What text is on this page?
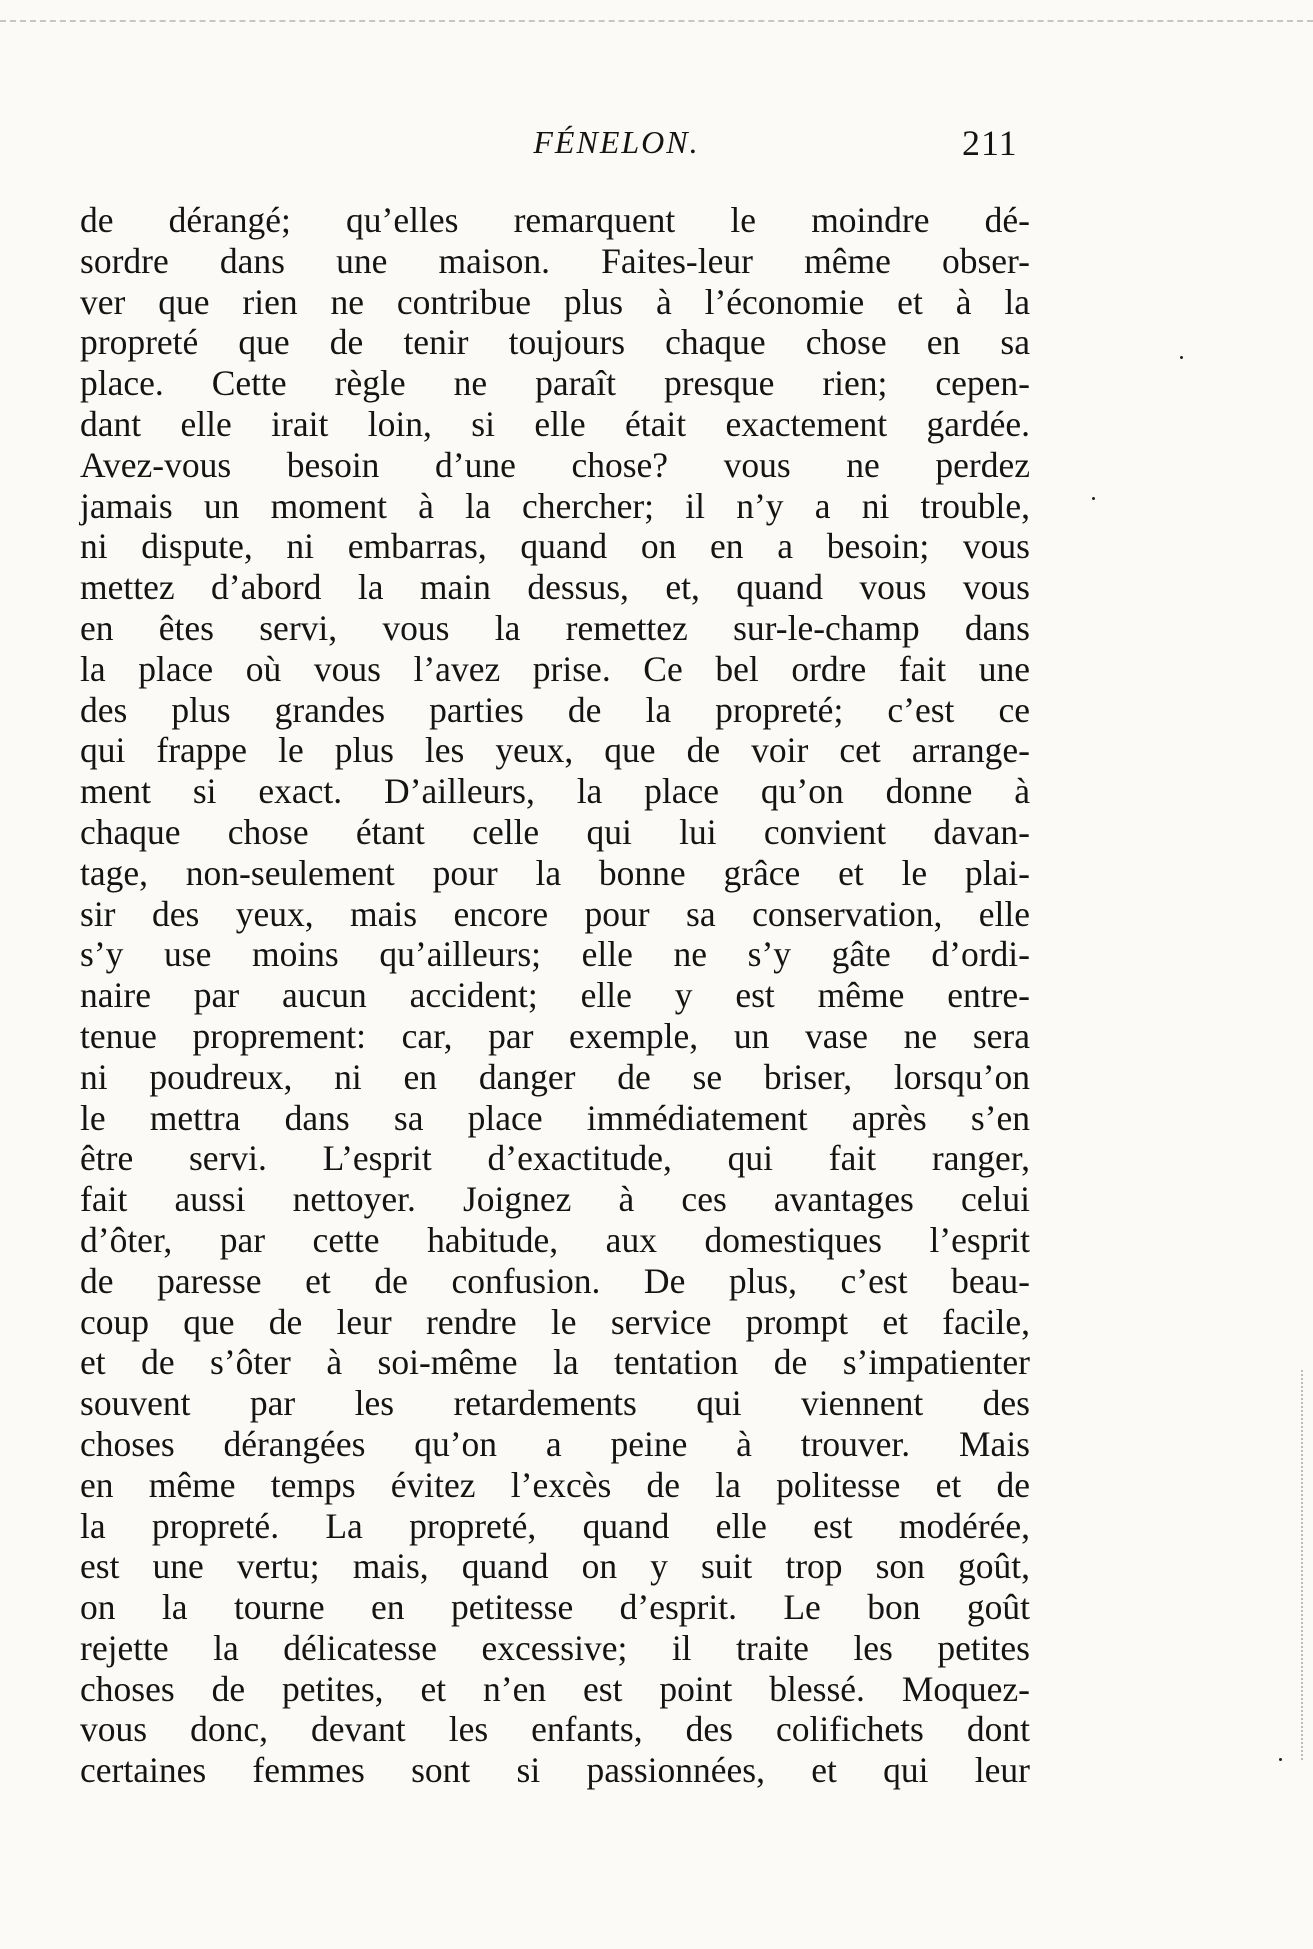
FÉNELON.	211
de dérangé; qu’elles remarquent le moindre dé-
sordre dans une maison. Faites-leur même obser-
ver que rien ne contribue plus à l’économie et à la
propreté que de tenir toujours chaque chose en sa
place. Cette règle ne paraît presque rien; cepen-
dant elle irait loin, si elle était exactement gardée.
Avez-vous besoin d’une chose? vous ne perdez
jamais un moment à la chercher; il n’y a ni trouble,
ni dispute, ni embarras, quand on en a besoin; vous
mettez d’abord la main dessus, et, quand vous vous
en êtes servi, vous la remettez sur-le-champ dans
la place où vous l’avez prise. Ce bel ordre fait une
des plus grandes parties de la propreté; c’est ce
qui frappe le plus les yeux, que de voir cet arrange-
ment si exact. D’ailleurs, la place qu’on donne à
chaque chose étant celle qui lui convient davan-
tage, non-seulement pour la bonne grâce et le plai-
sir des yeux, mais encore pour sa conservation, elle
s’y use moins qu’ailleurs; elle ne s’y gâte d’ordi-
naire par aucun accident; elle y est même entre-
tenue proprement: car, par exemple, un vase ne sera
ni poudreux, ni en danger de se briser, lorsqu’on
le mettra dans sa place immédiatement après s’en
être servi. L’esprit d’exactitude, qui fait ranger,
fait aussi nettoyer. Joignez à ces avantages celui
d’ôter, par cette habitude, aux domestiques l’esprit
de paresse et de confusion. De plus, c’est beau-
coup que de leur rendre le service prompt et facile,
et de s’ôter à soi-même la tentation de s’impatienter
souvent par les retardements qui viennent des
choses dérangées qu’on a peine à trouver. Mais
en même temps évitez l’excès de la politesse et de
la propreté. La propreté, quand elle est modérée,
est une vertu; mais, quand on y suit trop son goût,
on la tourne en petitesse d’esprit. Le bon goût
rejette la délicatesse excessive; il traite les petites
choses de petites, et n’en est point blessé. Moquez-
vous donc, devant les enfants, des colifichets dont
certaines femmes sont si passionnées, et qui leur
